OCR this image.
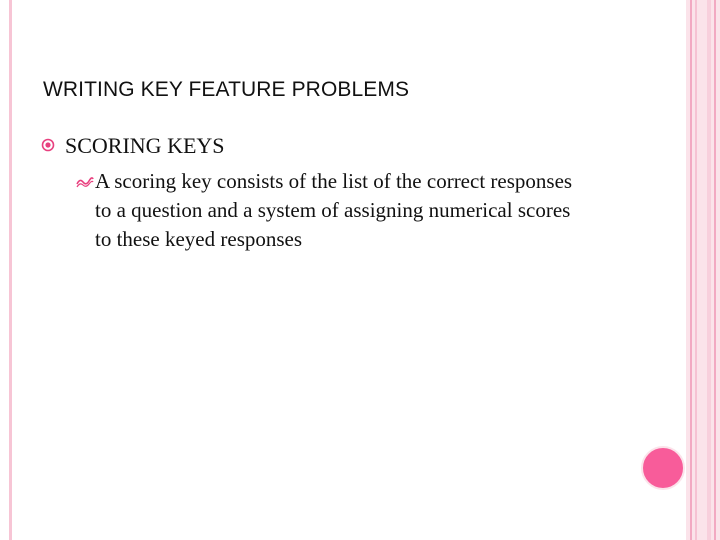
WRITING KEY FEATURE PROBLEMS
SCORING KEYS
A scoring key consists of the list of the correct responses to a question and a system of assigning numerical scores to these keyed responses
